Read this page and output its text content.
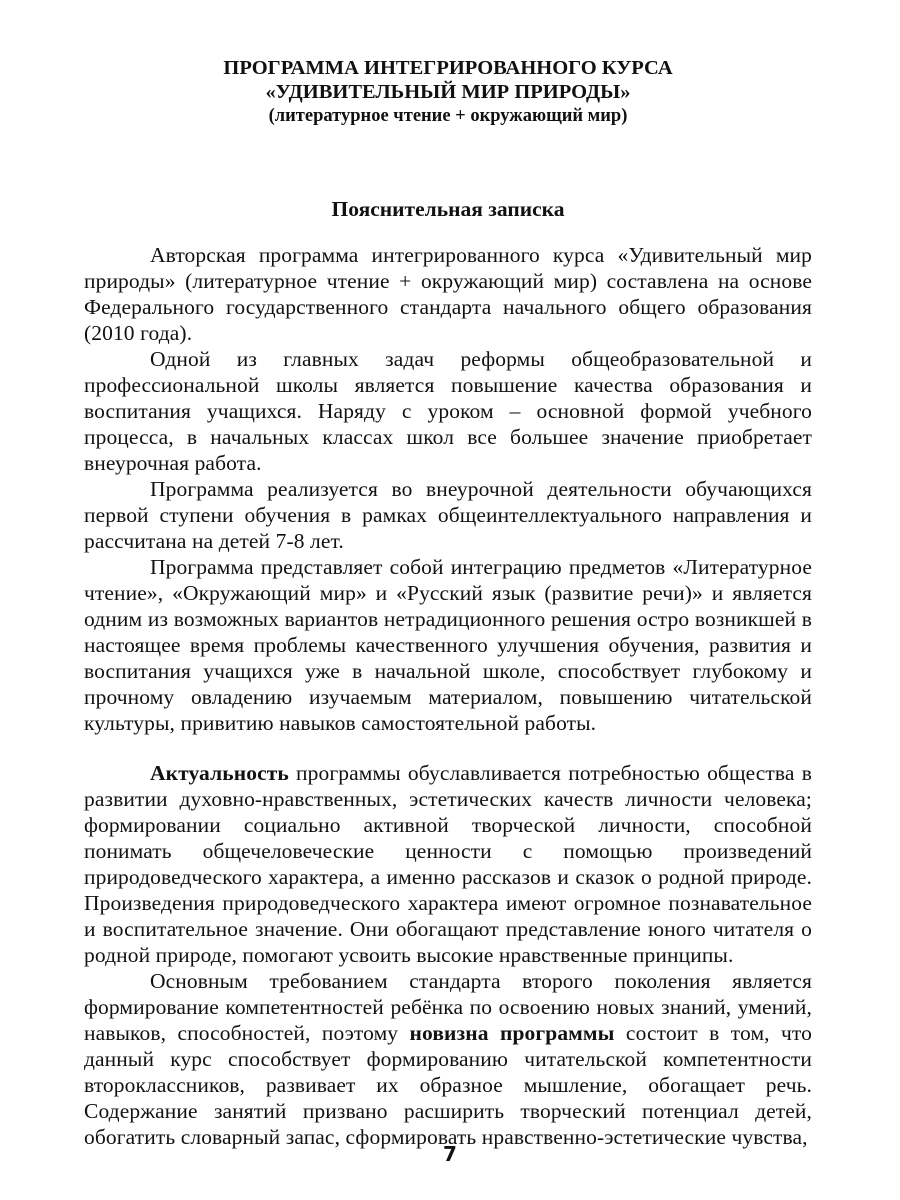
ПРОГРАММА ИНТЕГРИРОВАННОГО КУРСА
«УДИВИТЕЛЬНЫЙ МИР ПРИРОДЫ»
(литературное чтение + окружающий мир)
Пояснительная записка

Авторская программа интегрированного курса «Удивительный мир природы» (литературное чтение + окружающий мир) составлена на основе Федерального государственного стандарта начального общего образования (2010 года).

Одной из главных задач реформы общеобразовательной и профессиональной школы является повышение качества образования и воспитания учащихся. Наряду с уроком – основной формой учебного процесса, в начальных классах школ все большее значение приобретает внеурочная работа.

Программа реализуется во внеурочной деятельности обучающихся первой ступени обучения в рамках общеинтеллектуального направления и рассчитана на детей 7-8 лет.

Программа представляет собой интеграцию предметов «Литературное чтение», «Окружающий мир» и «Русский язык (развитие речи)» и является одним из возможных вариантов нетрадиционного решения остро возникшей в настоящее время проблемы качественного улучшения обучения, развития и воспитания учащихся уже в начальной школе, способствует глубокому и прочному овладению изучаемым материалом, повышению читательской культуры, привитию навыков самостоятельной работы.

Актуальность программы обуславливается потребностью общества в развитии духовно-нравственных, эстетических качеств личности человека; формировании социально активной творческой личности, способной понимать общечеловеческие ценности с помощью произведений природоведческого характера, а именно рассказов и сказок о родной природе. Произведения природоведческого характера имеют огромное познавательное и воспитательное значение. Они обогащают представление юного читателя о родной природе, помогают усвоить высокие нравственные принципы.

Основным требованием стандарта второго поколения является формирование компетентностей ребёнка по освоению новых знаний, умений, навыков, способностей, поэтому новизна программы состоит в том, что данный курс способствует формированию читательской компетентности второклассников, развивает их образное мышление, обогащает речь. Содержание занятий призвано расширить творческий потенциал детей, обогатить словарный запас, сформировать нравственно-эстетические чувства,

7
